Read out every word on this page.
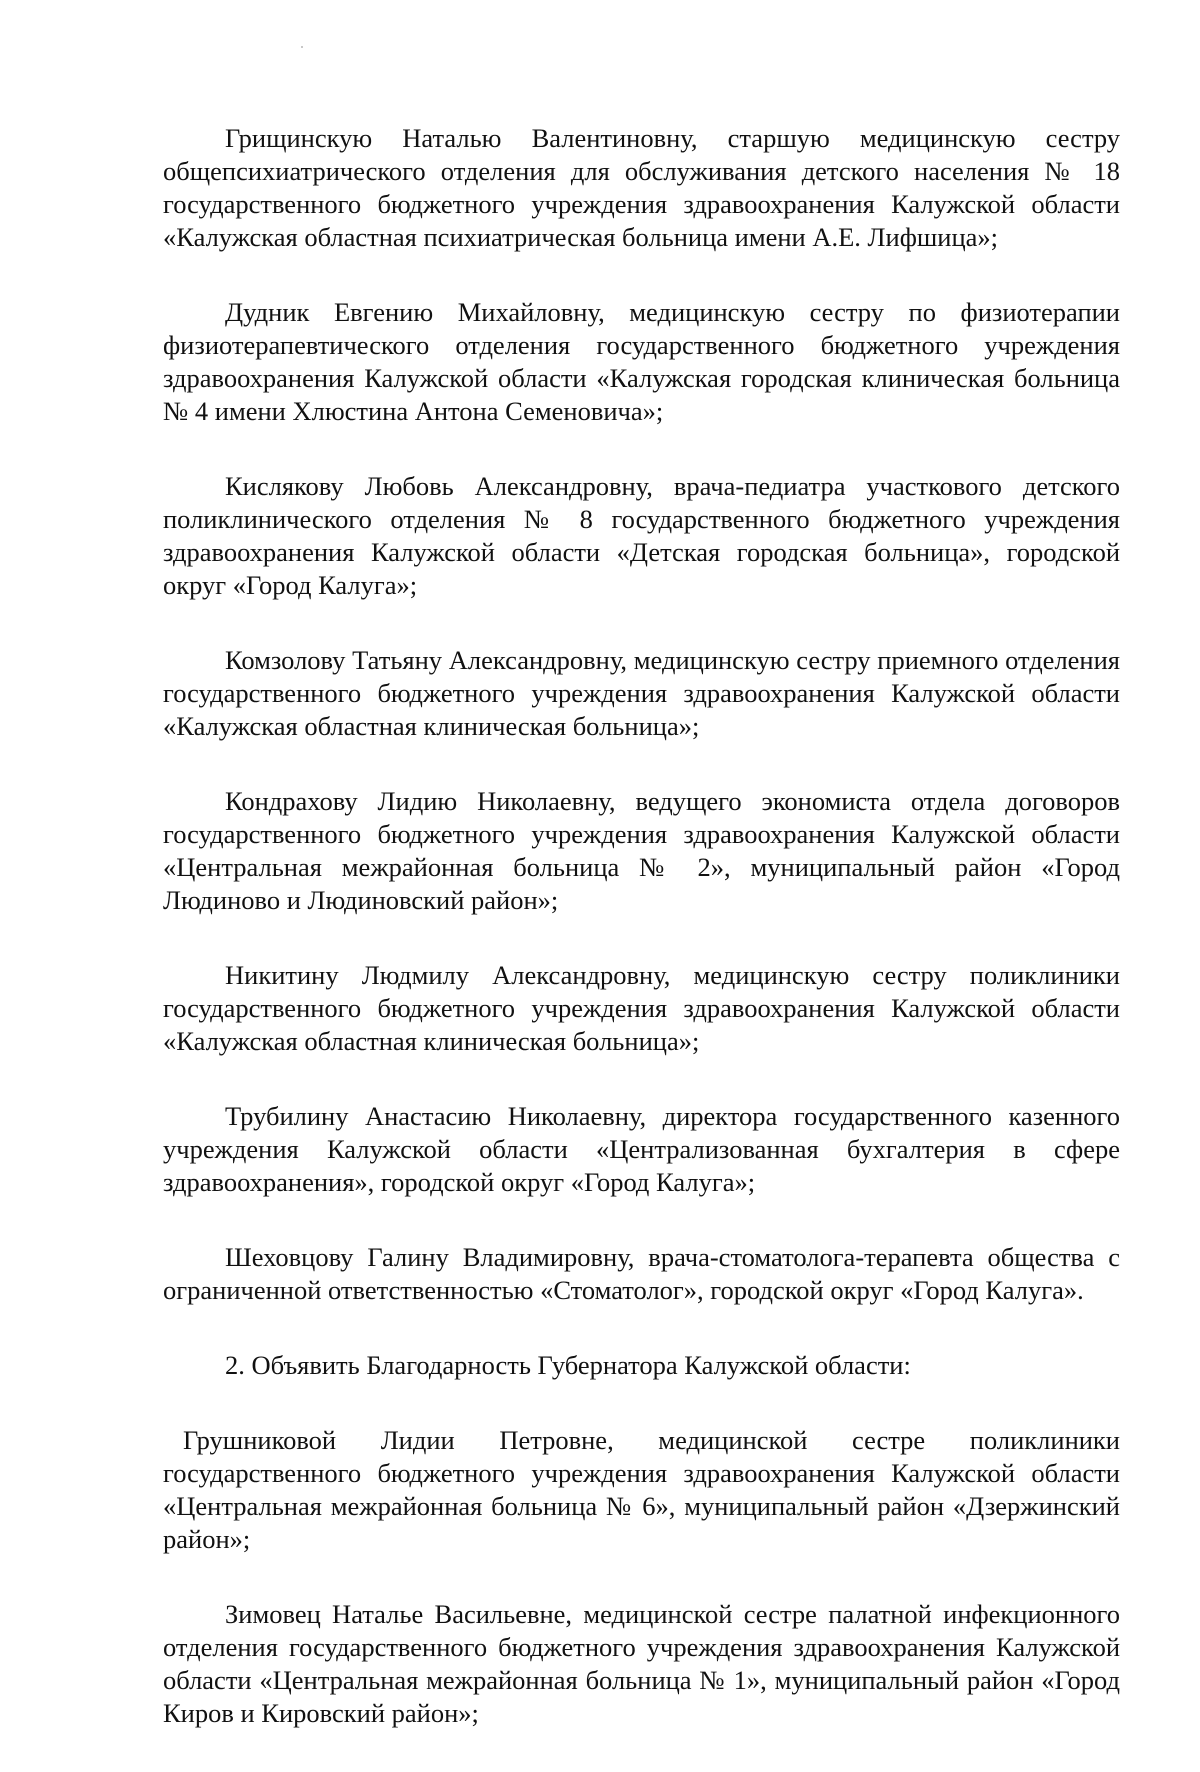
Грищинскую Наталью Валентиновну, старшую медицинскую сестру общепсихиатрического отделения для обслуживания детского населения № 18 государственного бюджетного учреждения здравоохранения Калужской области «Калужская областная психиатрическая больница имени А.Е. Лифшица»;

Дудник Евгению Михайловну, медицинскую сестру по физиотерапии физиотерапевтического отделения государственного бюджетного учреждения здравоохранения Калужской области «Калужская городская клиническая больница № 4 имени Хлюстина Антона Семеновича»;

Кислякову Любовь Александровну, врача-педиатра участкового детского поликлинического отделения № 8 государственного бюджетного учреждения здравоохранения Калужской области «Детская городская больница», городской округ «Город Калуга»;

Комзолову Татьяну Александровну, медицинскую сестру приемного отделения государственного бюджетного учреждения здравоохранения Калужской области «Калужская областная клиническая больница»;

Кондрахову Лидию Николаевну, ведущего экономиста отдела договоров государственного бюджетного учреждения здравоохранения Калужской области «Центральная межрайонная больница № 2», муниципальный район «Город Людиново и Людиновский район»;

Никитину Людмилу Александровну, медицинскую сестру поликлиники государственного бюджетного учреждения здравоохранения Калужской области «Калужская областная клиническая больница»;

Трубилину Анастасию Николаевну, директора государственного казенного учреждения Калужской области «Централизованная бухгалтерия в сфере здравоохранения», городской округ «Город Калуга»;

Шеховцову Галину Владимировну, врача-стоматолога-терапевта общества с ограниченной ответственностью «Стоматолог», городской округ «Город Калуга».

2. Объявить Благодарность Губернатора Калужской области:

Грушниковой Лидии Петровне, медицинской сестре поликлиники государственного бюджетного учреждения здравоохранения Калужской области «Центральная межрайонная больница № 6», муниципальный район «Дзержинский район»;

Зимовец Наталье Васильевне, медицинской сестре палатной инфекционного отделения государственного бюджетного учреждения здравоохранения Калужской области «Центральная межрайонная больница № 1», муниципальный район «Город Киров и Кировский район»;
